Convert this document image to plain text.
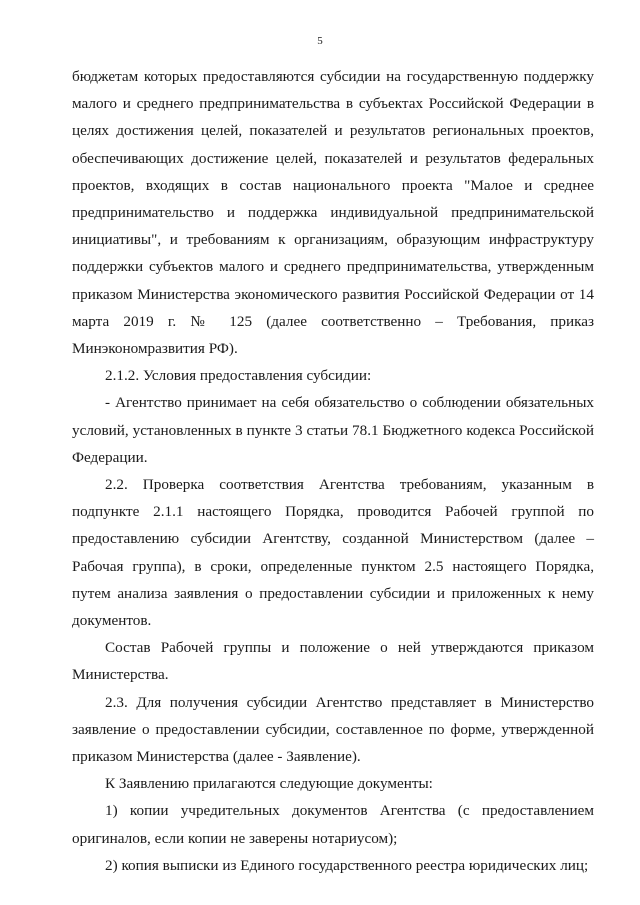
5

бюджетам которых предоставляются субсидии на государственную поддержку малого и среднего предпринимательства в субъектах Российской Федерации в целях достижения целей, показателей и результатов региональных проектов, обеспечивающих достижение целей, показателей и результатов федеральных проектов, входящих в состав национального проекта "Малое и среднее предпринимательство и поддержка индивидуальной предпринимательской инициативы", и требованиям к организациям, образующим инфраструктуру поддержки субъектов малого и среднего предпринимательства, утвержденным приказом Министерства экономического развития Российской Федерации от 14 марта 2019 г. № 125 (далее соответственно – Требования, приказ Минэкономразвития РФ).

2.1.2. Условия предоставления субсидии:

- Агентство принимает на себя обязательство о соблюдении обязательных условий, установленных в пункте 3 статьи 78.1 Бюджетного кодекса Российской Федерации.

2.2. Проверка соответствия Агентства требованиям, указанным в подпункте 2.1.1 настоящего Порядка, проводится Рабочей группой по предоставлению субсидии Агентству, созданной Министерством (далее – Рабочая группа), в сроки, определенные пунктом 2.5 настоящего Порядка, путем анализа заявления о предоставлении субсидии и приложенных к нему документов.

Состав Рабочей группы и положение о ней утверждаются приказом Министерства.

2.3. Для получения субсидии Агентство представляет в Министерство заявление о предоставлении субсидии, составленное по форме, утвержденной приказом Министерства (далее - Заявление).

К Заявлению прилагаются следующие документы:

1) копии учредительных документов Агентства (с предоставлением оригиналов, если копии не заверены нотариусом);

2) копия выписки из Единого государственного реестра юридических лиц;
